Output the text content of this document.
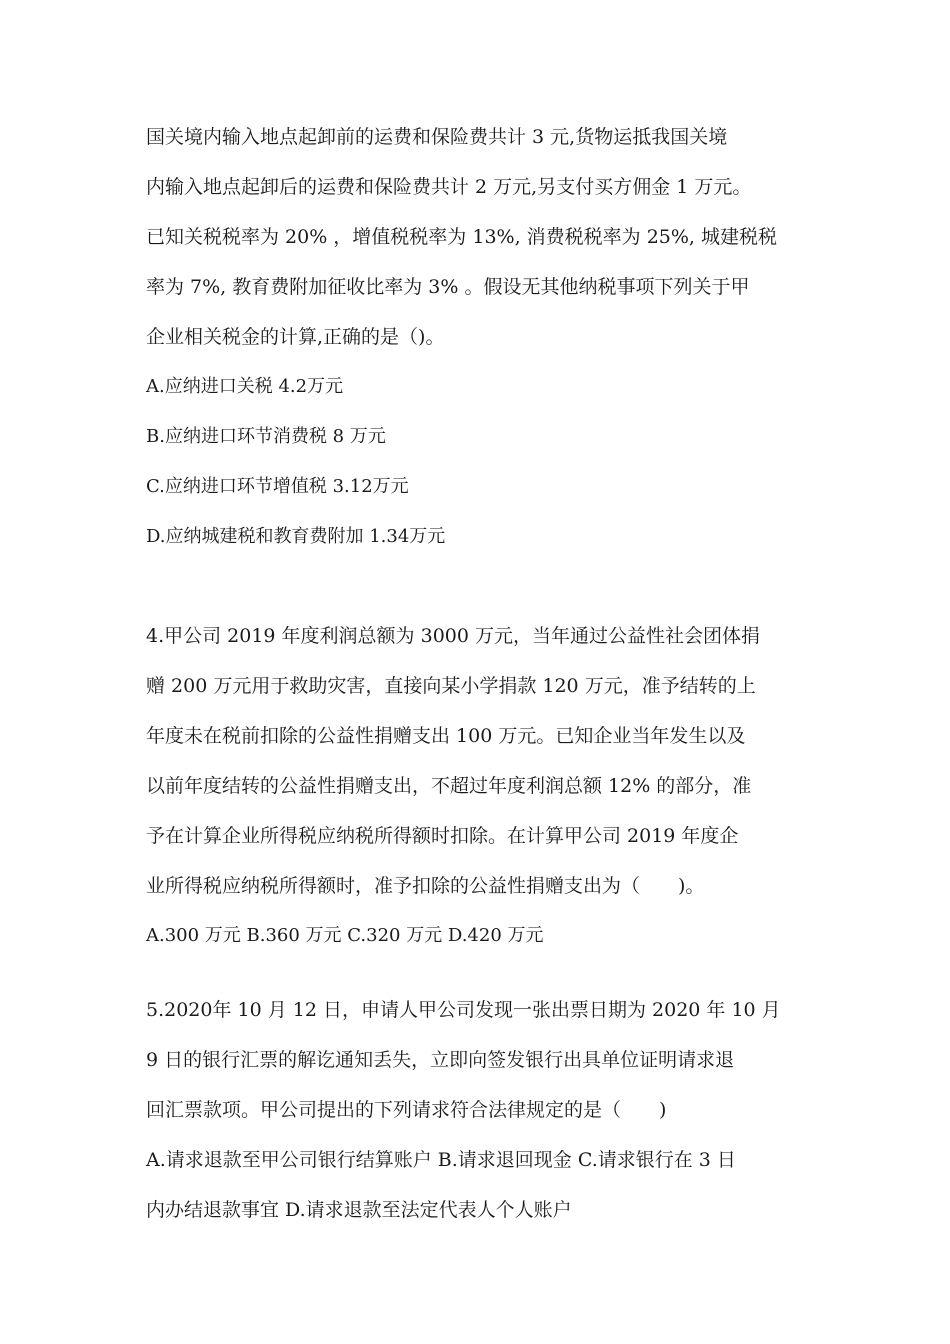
国关境内输入地点起卸前的运费和保险费共计 3 元,货物运抵我国关境
内输入地点起卸后的运费和保险费共计 2 万元,另支付买方佣金 1 万元。
已知关税税率为 20% ，增值税税率为 13%, 消费税税率为 25%, 城建税税
率为 7%, 教育费附加征收比率为 3% 。假设无其他纳税事项下列关于甲
企业相关税金的计算,正确的是（)。
A.应纳进口关税 4.2万元
B.应纳进口环节消费税 8 万元
C.应纳进口环节增值税 3.12万元
D.应纳城建税和教育费附加 1.34万元
4.甲公司 2019 年度利润总额为 3000 万元，当年通过公益性社会团体捐
赠 200 万元用于救助灾害，直接向某小学捐款 120 万元，准予结转的上
年度未在税前扣除的公益性捐赠支出 100 万元。已知企业当年发生以及
以前年度结转的公益性捐赠支出，不超过年度利润总额 12% 的部分，准
予在计算企业所得税应纳税所得额时扣除。在计算甲公司 2019 年度企
业所得税应纳税所得额时，准予扣除的公益性捐赠支出为（　　)。
A.300 万元 B.360 万元 C.320 万元 D.420 万元
5.2020年 10 月 12 日，申请人甲公司发现一张出票日期为 2020 年 10 月
9 日的银行汇票的解讫通知丢失，立即向签发银行出具单位证明请求退
回汇票款项。甲公司提出的下列请求符合法律规定的是（　　)
A.请求退款至甲公司银行结算账户 B.请求退回现金 C.请求银行在 3 日
内办结退款事宜 D.请求退款至法定代表人个人账户
